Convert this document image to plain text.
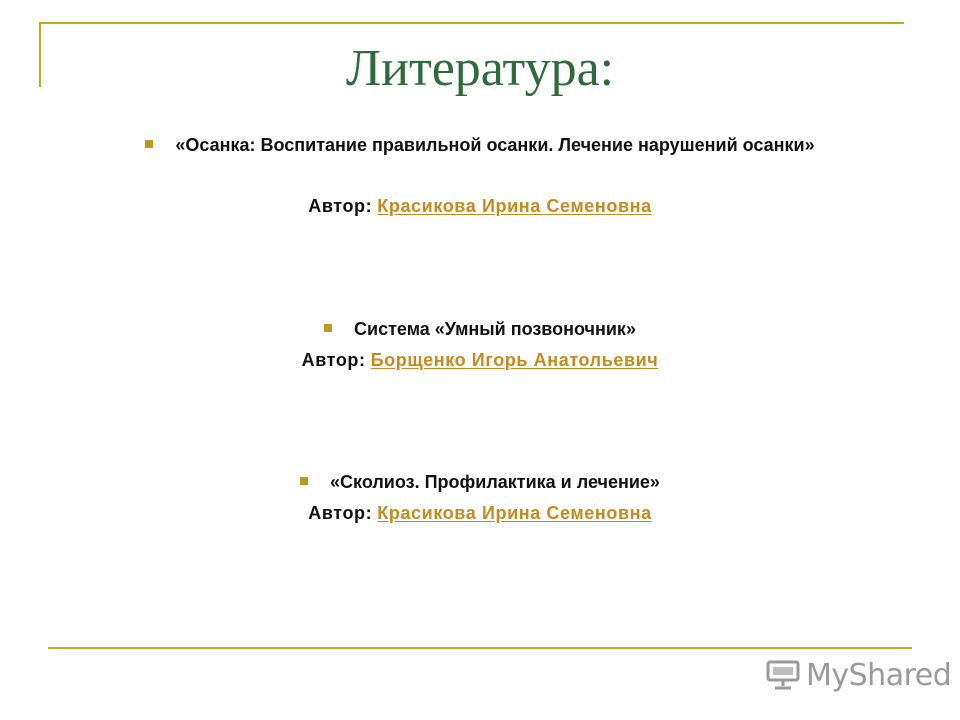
Литература:
«Осанка: Воспитание правильной осанки. Лечение нарушений осанки»
Автор: Красикова Ирина Семеновна
Система «Умный позвоночник»
Автор: Борщенко Игорь Анатольевич
«Сколиоз. Профилактика и лечение»
Автор: Красикова Ирина Семеновна
MyShared
